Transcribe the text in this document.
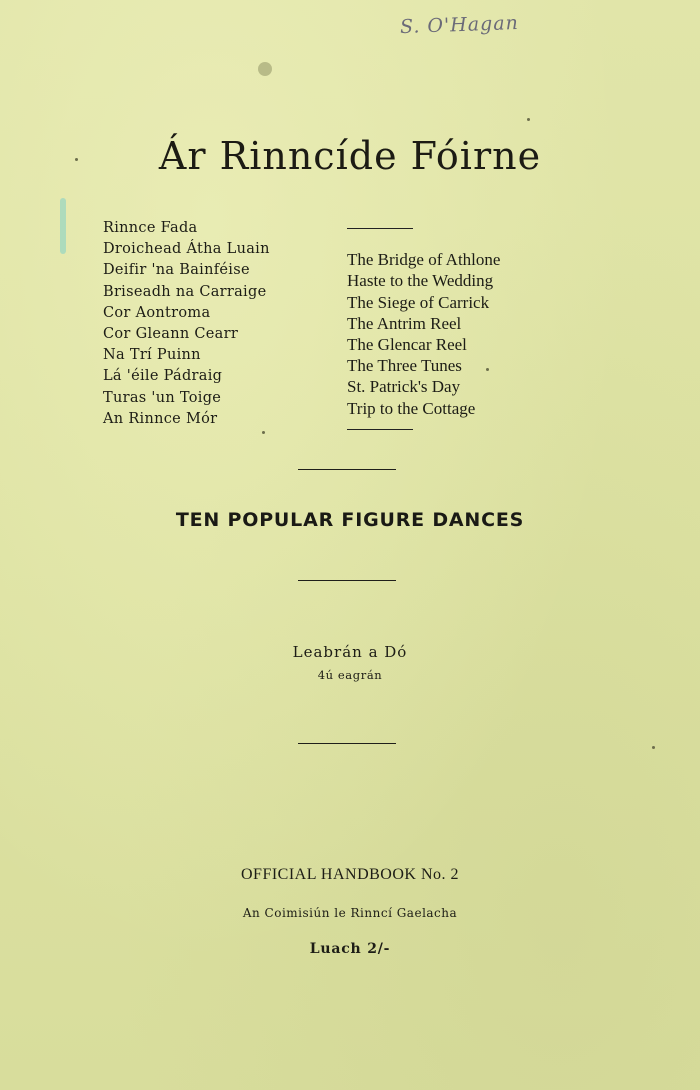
S. O'Hagan
Ár Rinncíde Fóirne
Rinnce Fada
Droichead Átha Luain
Deifir 'na Bainféise
Briseadh na Carraige
Cor Aontroma
Cor Gleann Cearr
Na Trí Puinn
Lá 'éile Pádraig
Turas 'un Toige
An Rinnce Mór
The Bridge of Athlone
Haste to the Wedding
The Siege of Carrick
The Antrim Reel
The Glencar Reel
The Three Tunes
St. Patrick's Day
Trip to the Cottage
TEN POPULAR FIGURE DANCES
Leabrán a Dó
4ú eagrán
OFFICIAL HANDBOOK No. 2
An Coimisiún le Rinncí Gaelacha
Luach 2/-
